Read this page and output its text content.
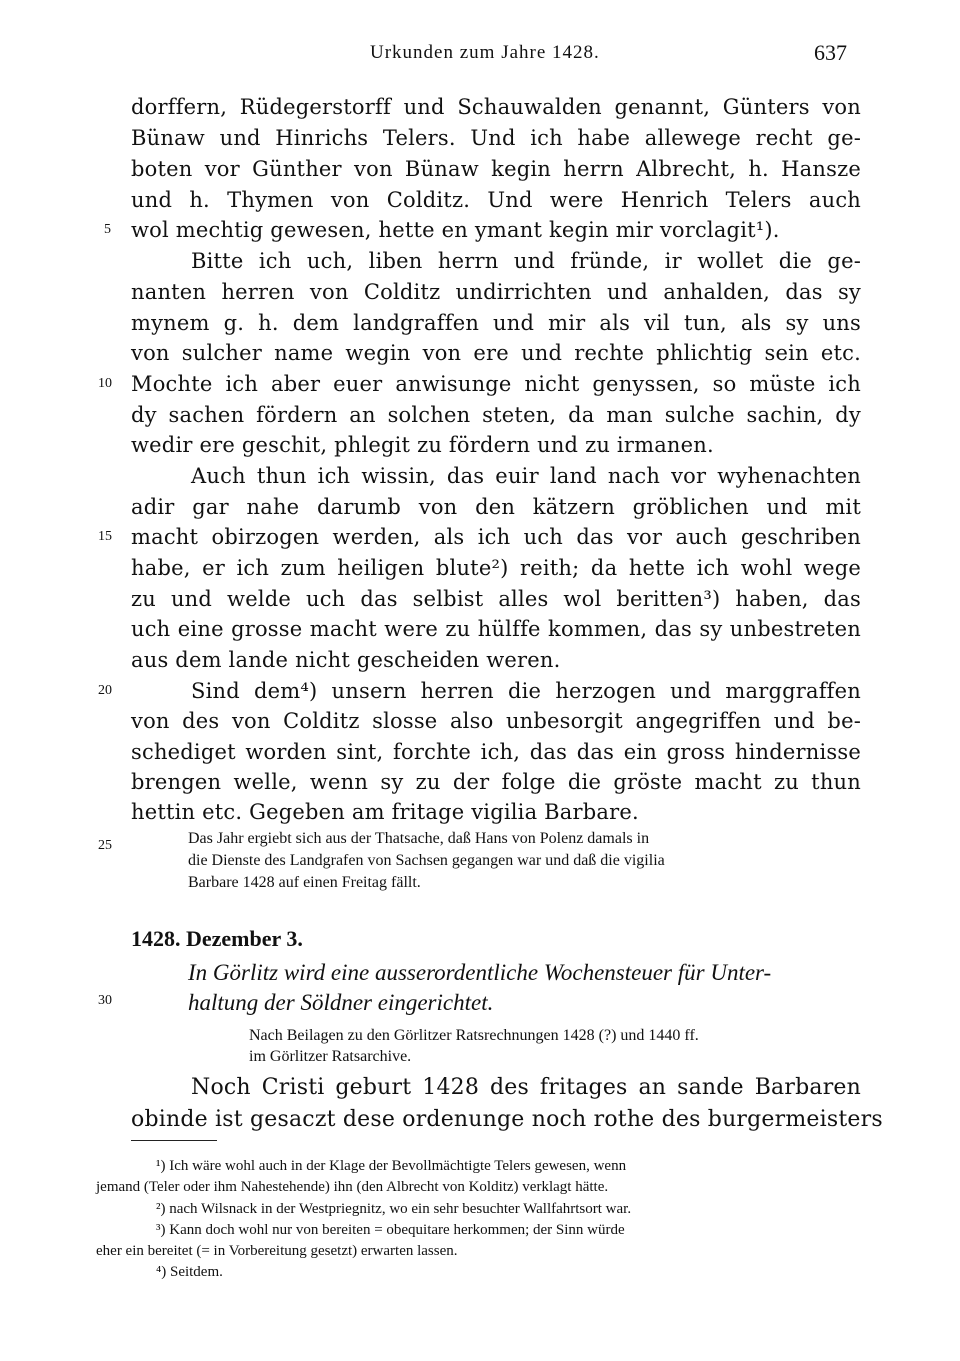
Urkunden zum Jahre 1428.	637
dorffern, Rüdegerstorff und Schauwalden genannt, Günters von
Bünaw und Hinrichs Telers. Und ich habe allewege recht ge-
boten vor Günther von Bünaw kegin herrn Albrecht, h. Hansze
und h. Thymen von Colditz. Und were Henrich Telers auch
wol mechtig gewesen, hette en ymant kegin mir vorclagit¹).
Bitte ich uch, liben herrn und fründe, ir wollet die ge-
nanten herren von Colditz undirrichten und anhalden, das sy
mynem g. h. dem landgraffen und mir als vil tun, als sy uns
von sulcher name wegin von ere und rechte phlichtig sein etc.
Mochte ich aber euer anwisunge nicht genyssen, so müste ich
dy sachen fördern an solchen steten, da man sulche sachin, dy
wedir ere geschit, phlegit zu fördern und zu irmanen.
Auch thun ich wissin, das euir land nach vor wyhenachten
adir gar nahe darumb von den kätzern gröblichen und mit
macht obirzogen werden, als ich uch das vor auch geschriben
habe, er ich zum heiligen blute²) reith; da hette ich wohl wege
zu und welde uch das selbist alles wol beritten³) haben, das
uch eine grosse macht were zu hülffe kommen, das sy unbestreten
aus dem lande nicht gescheiden weren.
Sind dem⁴) unsern herren die herzogen und marggraffen
von des von Colditz slosse also unbesorgit angegriffen und be-
schediget worden sint, forchte ich, das das ein gross hindernisse
brengen welle, wenn sy zu der folge die gröste macht zu thun
hettin etc. Gegeben am fritage vigilia Barbare.
5
10
15
20
25
30
Das Jahr ergiebt sich aus der Thatsache, daß Hans von Polenz damals in
die Dienste des Landgrafen von Sachsen gegangen war und daß die vigilia
Barbare 1428 auf einen Freitag fällt.
1428. Dezember 3.
In Görlitz wird eine ausserordentliche Wochensteuer für Unter-
haltung der Söldner eingerichtet.
Nach Beilagen zu den Görlitzer Ratsrechnungen 1428 (?) und 1440 ff.
im Görlitzer Ratsarchive.
Noch Cristi geburt 1428 des fritages an sande Barbaren
obinde ist gesaczt dese ordenunge noch rothe des burgermeisters
¹) Ich wäre wohl auch in der Klage der Bevollmächtigte Telers gewesen, wenn
jemand (Teler oder ihm Nahestehende) ihn (den Albrecht von Kolditz) verklagt hätte.
²) nach Wilsnack in der Westpriegnitz, wo ein sehr besuchter Wallfahrtsort war.
³) Kann doch wohl nur von bereiten = obequitare herkommen; der Sinn würde
eher ein bereitet (= in Vorbereitung gesetzt) erwarten lassen.
⁴) Seitdem.
